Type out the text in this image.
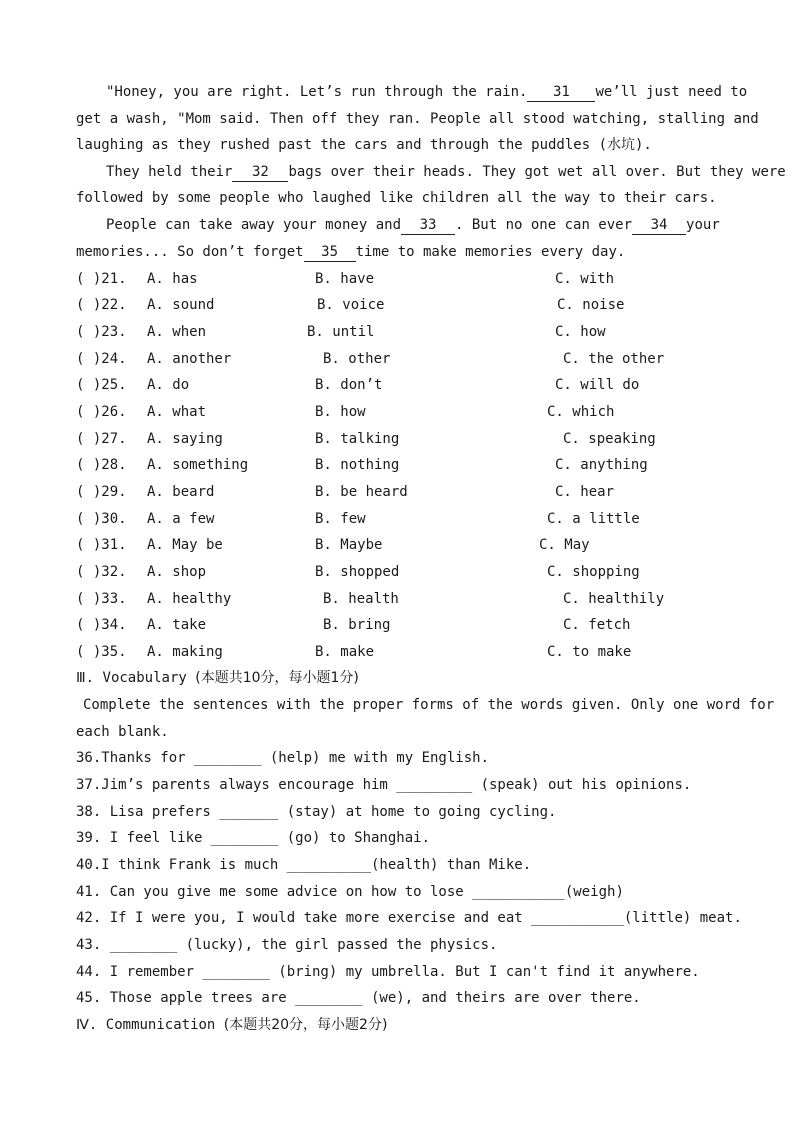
"Honey, you are right. Let’s run through the rain. 31 we’ll just need to
get a wash, "Mom said. Then off they ran. People all stood watching, stalling and
laughing as they rushed past the cars and through the puddles (水坑).
They held their 32 bags over their heads. They got wet all over. But they were
followed by some people who laughed like children all the way to their cars.
People can take away your money and 33 . But no one can ever 34 your
memories... So don’t forget 35 time to make memories every day.
( )21. A. has	B. have	C. with
( )22. A. sound	B. voice	C. noise
( )23. A. when	B. until	C. how
( )24. A. another	B. other	C. the other
( )25. A. do	B. don’t	C. will do
( )26. A. what	B. how	C. which
( )27. A. saying	B. talking	C. speaking
( )28. A. something	B. nothing	C. anything
( )29. A. beard	B. be heard	C. hear
( )30. A. a few	B. few	C. a little
( )31. A. May be	B. Maybe	C. May
( )32. A. shop	B. shopped	C. shopping
( )33. A. healthy	B. health	C. healthily
( )34. A. take	B. bring	C. fetch
( )35. A. making	B. make	C. to make
Ⅲ. Vocabulary (本题共10分，每小题1分)
Complete the sentences with the proper forms of the words given. Only one word for
each blank.
36.Thanks for ________ (help) me with my English.
37.Jim’s parents always encourage him _________ (speak) out his opinions.
38. Lisa prefers _______ (stay) at home to going cycling.
39. I feel like ________ (go) to Shanghai.
40.I think Frank is much __________(health) than Mike.
41. Can you give me some advice on how to lose ___________(weigh)
42. If I were you, I would take more exercise and eat ___________(little) meat.
43. ________ (lucky), the girl passed the physics.
44. I remember ________ (bring) my umbrella. But I can't find it anywhere.
45. Those apple trees are ________ (we), and theirs are over there.
Ⅳ. Communication (本题共20分，每小题2分)
